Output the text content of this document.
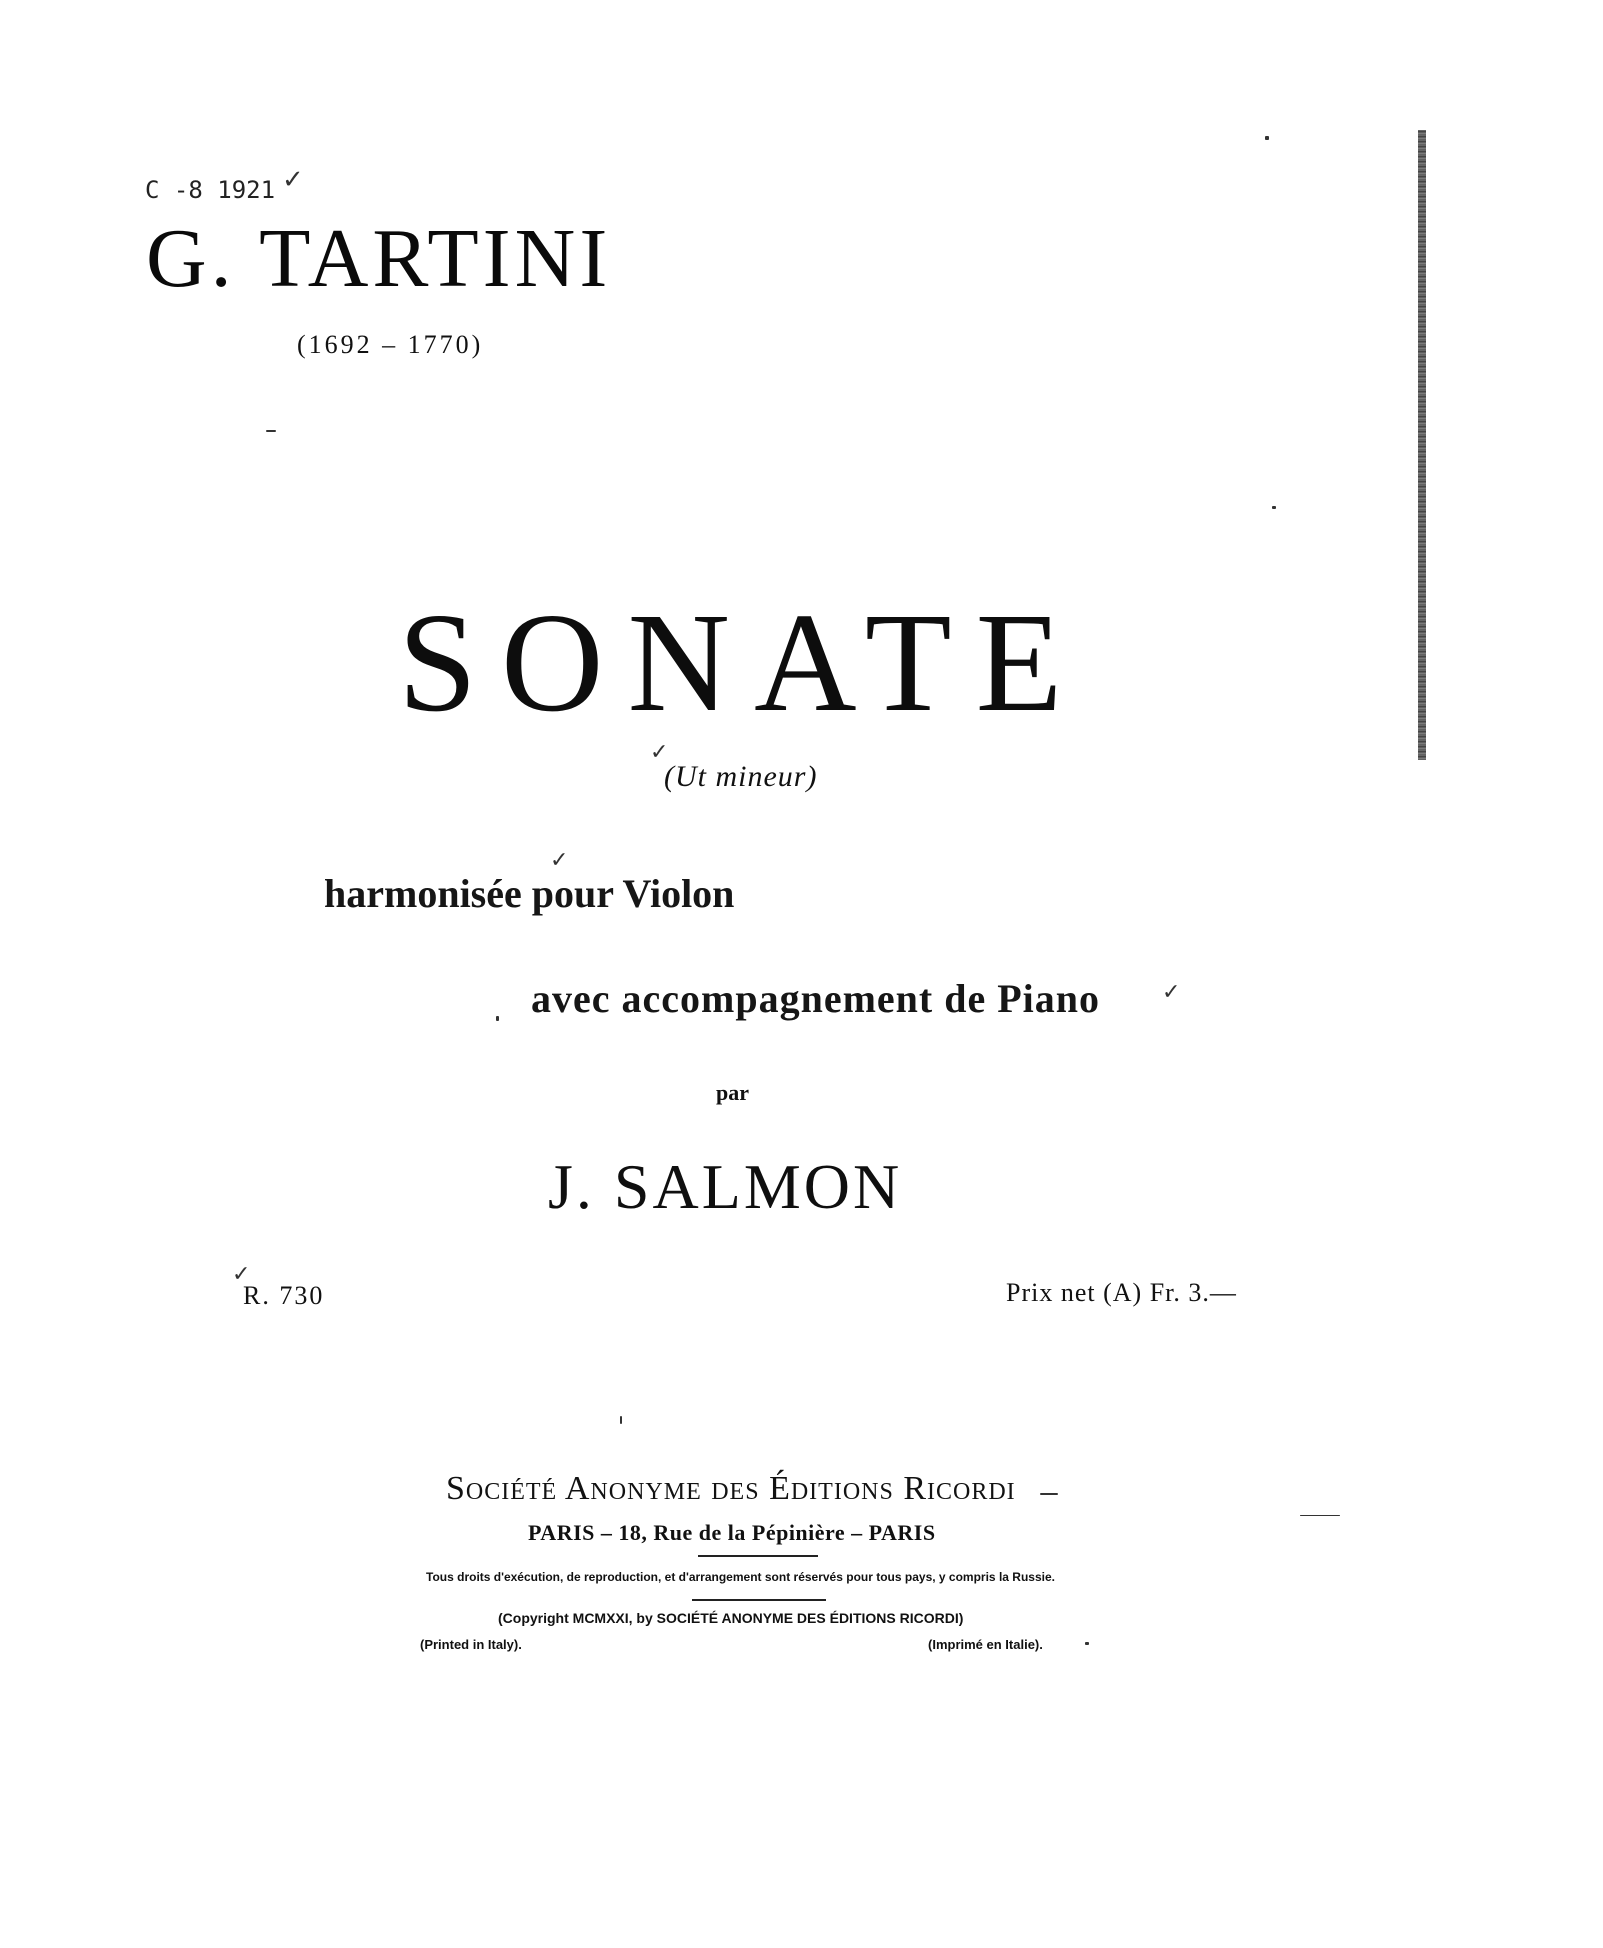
C -8 1921
G. TARTINI
(1692 – 1770)
SONATE
(Ut mineur)
harmonisée pour Violon
avec accompagnement de Piano
par
J. SALMON
R. 730	Prix net (A) Fr. 3.—
Société Anonyme des Éditions Ricordi
PARIS – 18, Rue de la Pépinière – PARIS
Tous droits d'exécution, de reproduction, et d'arrangement sont réservés pour tous pays, y compris la Russie.
(Copyright MCMXXI, by SOCIÉTÉ ANONYME DES ÉDITIONS RICORDI)
(Printed in Italy).	(Imprimé en Italie).
✓
✓
✓
✓
✓
